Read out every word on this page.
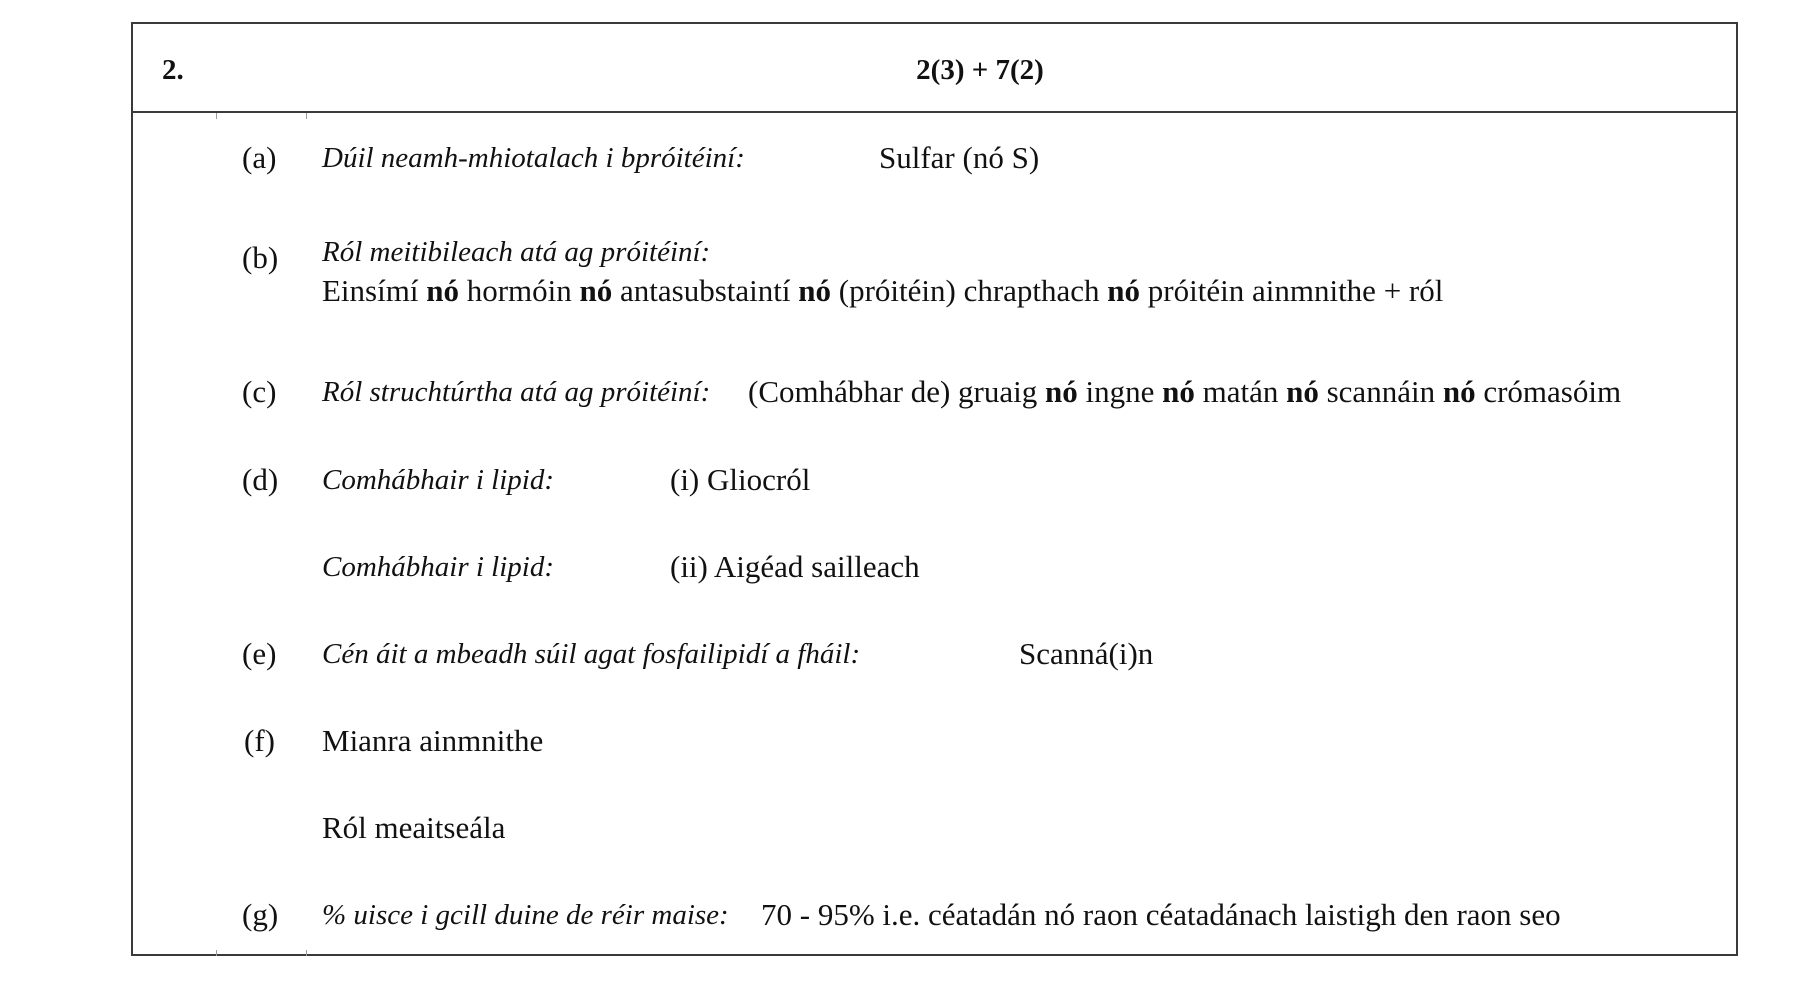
2.	2(3) + 7(2)
(a) Dúil neamh-mhiotalach i bpróitéiní:	Sulfar (nó S)
(b) Ról meitibileach atá ag próitéiní:
Einsímí nó hormóin nó antasubstaintí nó (próitéin) chrapthach nó próitéin ainmnithe + ról
(c) Ról struchtúrtha atá ag próitéiní: (Comhábhar de) gruaig nó ingne nó matán nó scannáin nó crómasóim
(d) Comhábhair i lipid:	(i) Gliocról
Comhábhair i lipid:	(ii) Aigéad sailleach
(e) Cén áit a mbeadh súil agat fosfailipidí a fháil:	Scanná(i)n
(f) Mianra ainmnithe
Ról meaitseála
(g) % uisce i gcill duine de réir maise: 70 - 95% i.e. céatadán nó raon céatadánach laistigh den raon seo
